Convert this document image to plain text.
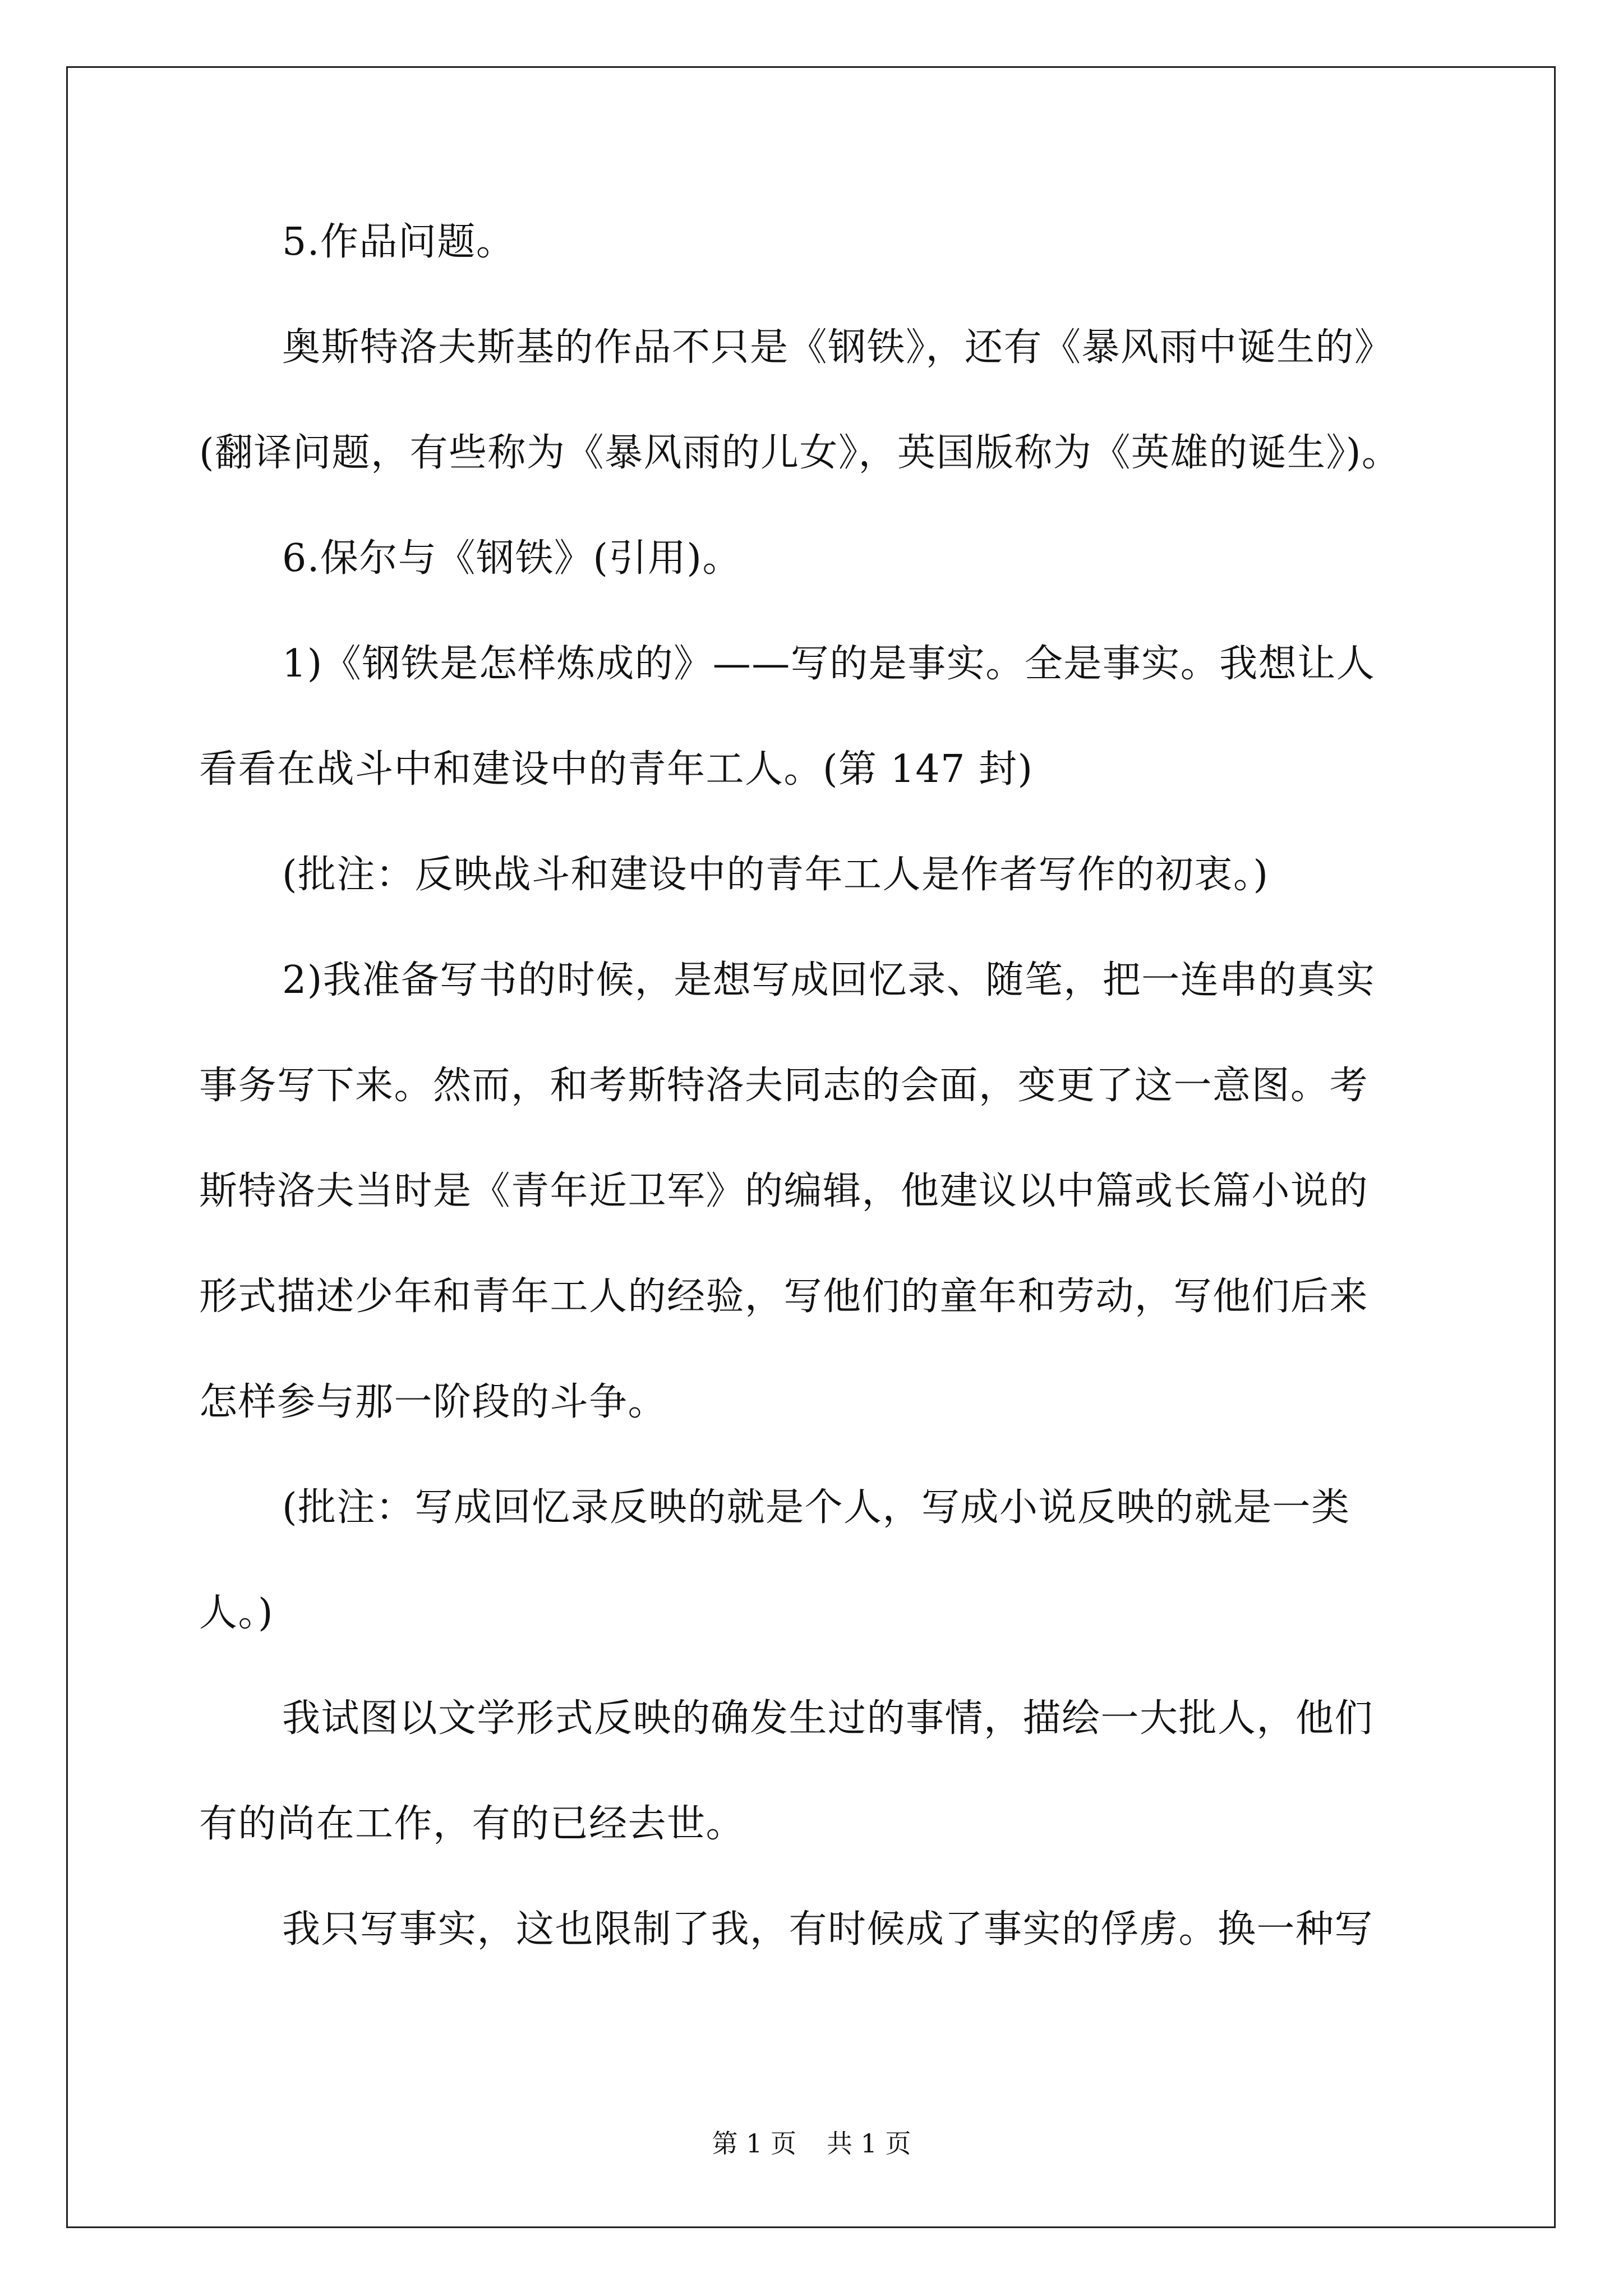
5.作品问题。
奥斯特洛夫斯基的作品不只是《钢铁》，还有《暴风雨中诞生的》
(翻译问题，有些称为《暴风雨的儿女》，英国版称为《英雄的诞生》)。
6.保尔与《钢铁》(引用)。
1)《钢铁是怎样炼成的》——写的是事实。全是事实。我想让人
看看在战斗中和建设中的青年工人。(第 147 封)
(批注：反映战斗和建设中的青年工人是作者写作的初衷。)
2)我准备写书的时候，是想写成回忆录、随笔，把一连串的真实
事务写下来。然而，和考斯特洛夫同志的会面，变更了这一意图。考
斯特洛夫当时是《青年近卫军》的编辑，他建议以中篇或长篇小说的
形式描述少年和青年工人的经验，写他们的童年和劳动，写他们后来
怎样参与那一阶段的斗争。
(批注：写成回忆录反映的就是个人，写成小说反映的就是一类
人。)
我试图以文学形式反映的确发生过的事情，描绘一大批人，他们
有的尚在工作，有的已经去世。
我只写事实，这也限制了我，有时候成了事实的俘虏。换一种写
第 1 页 共 1 页
